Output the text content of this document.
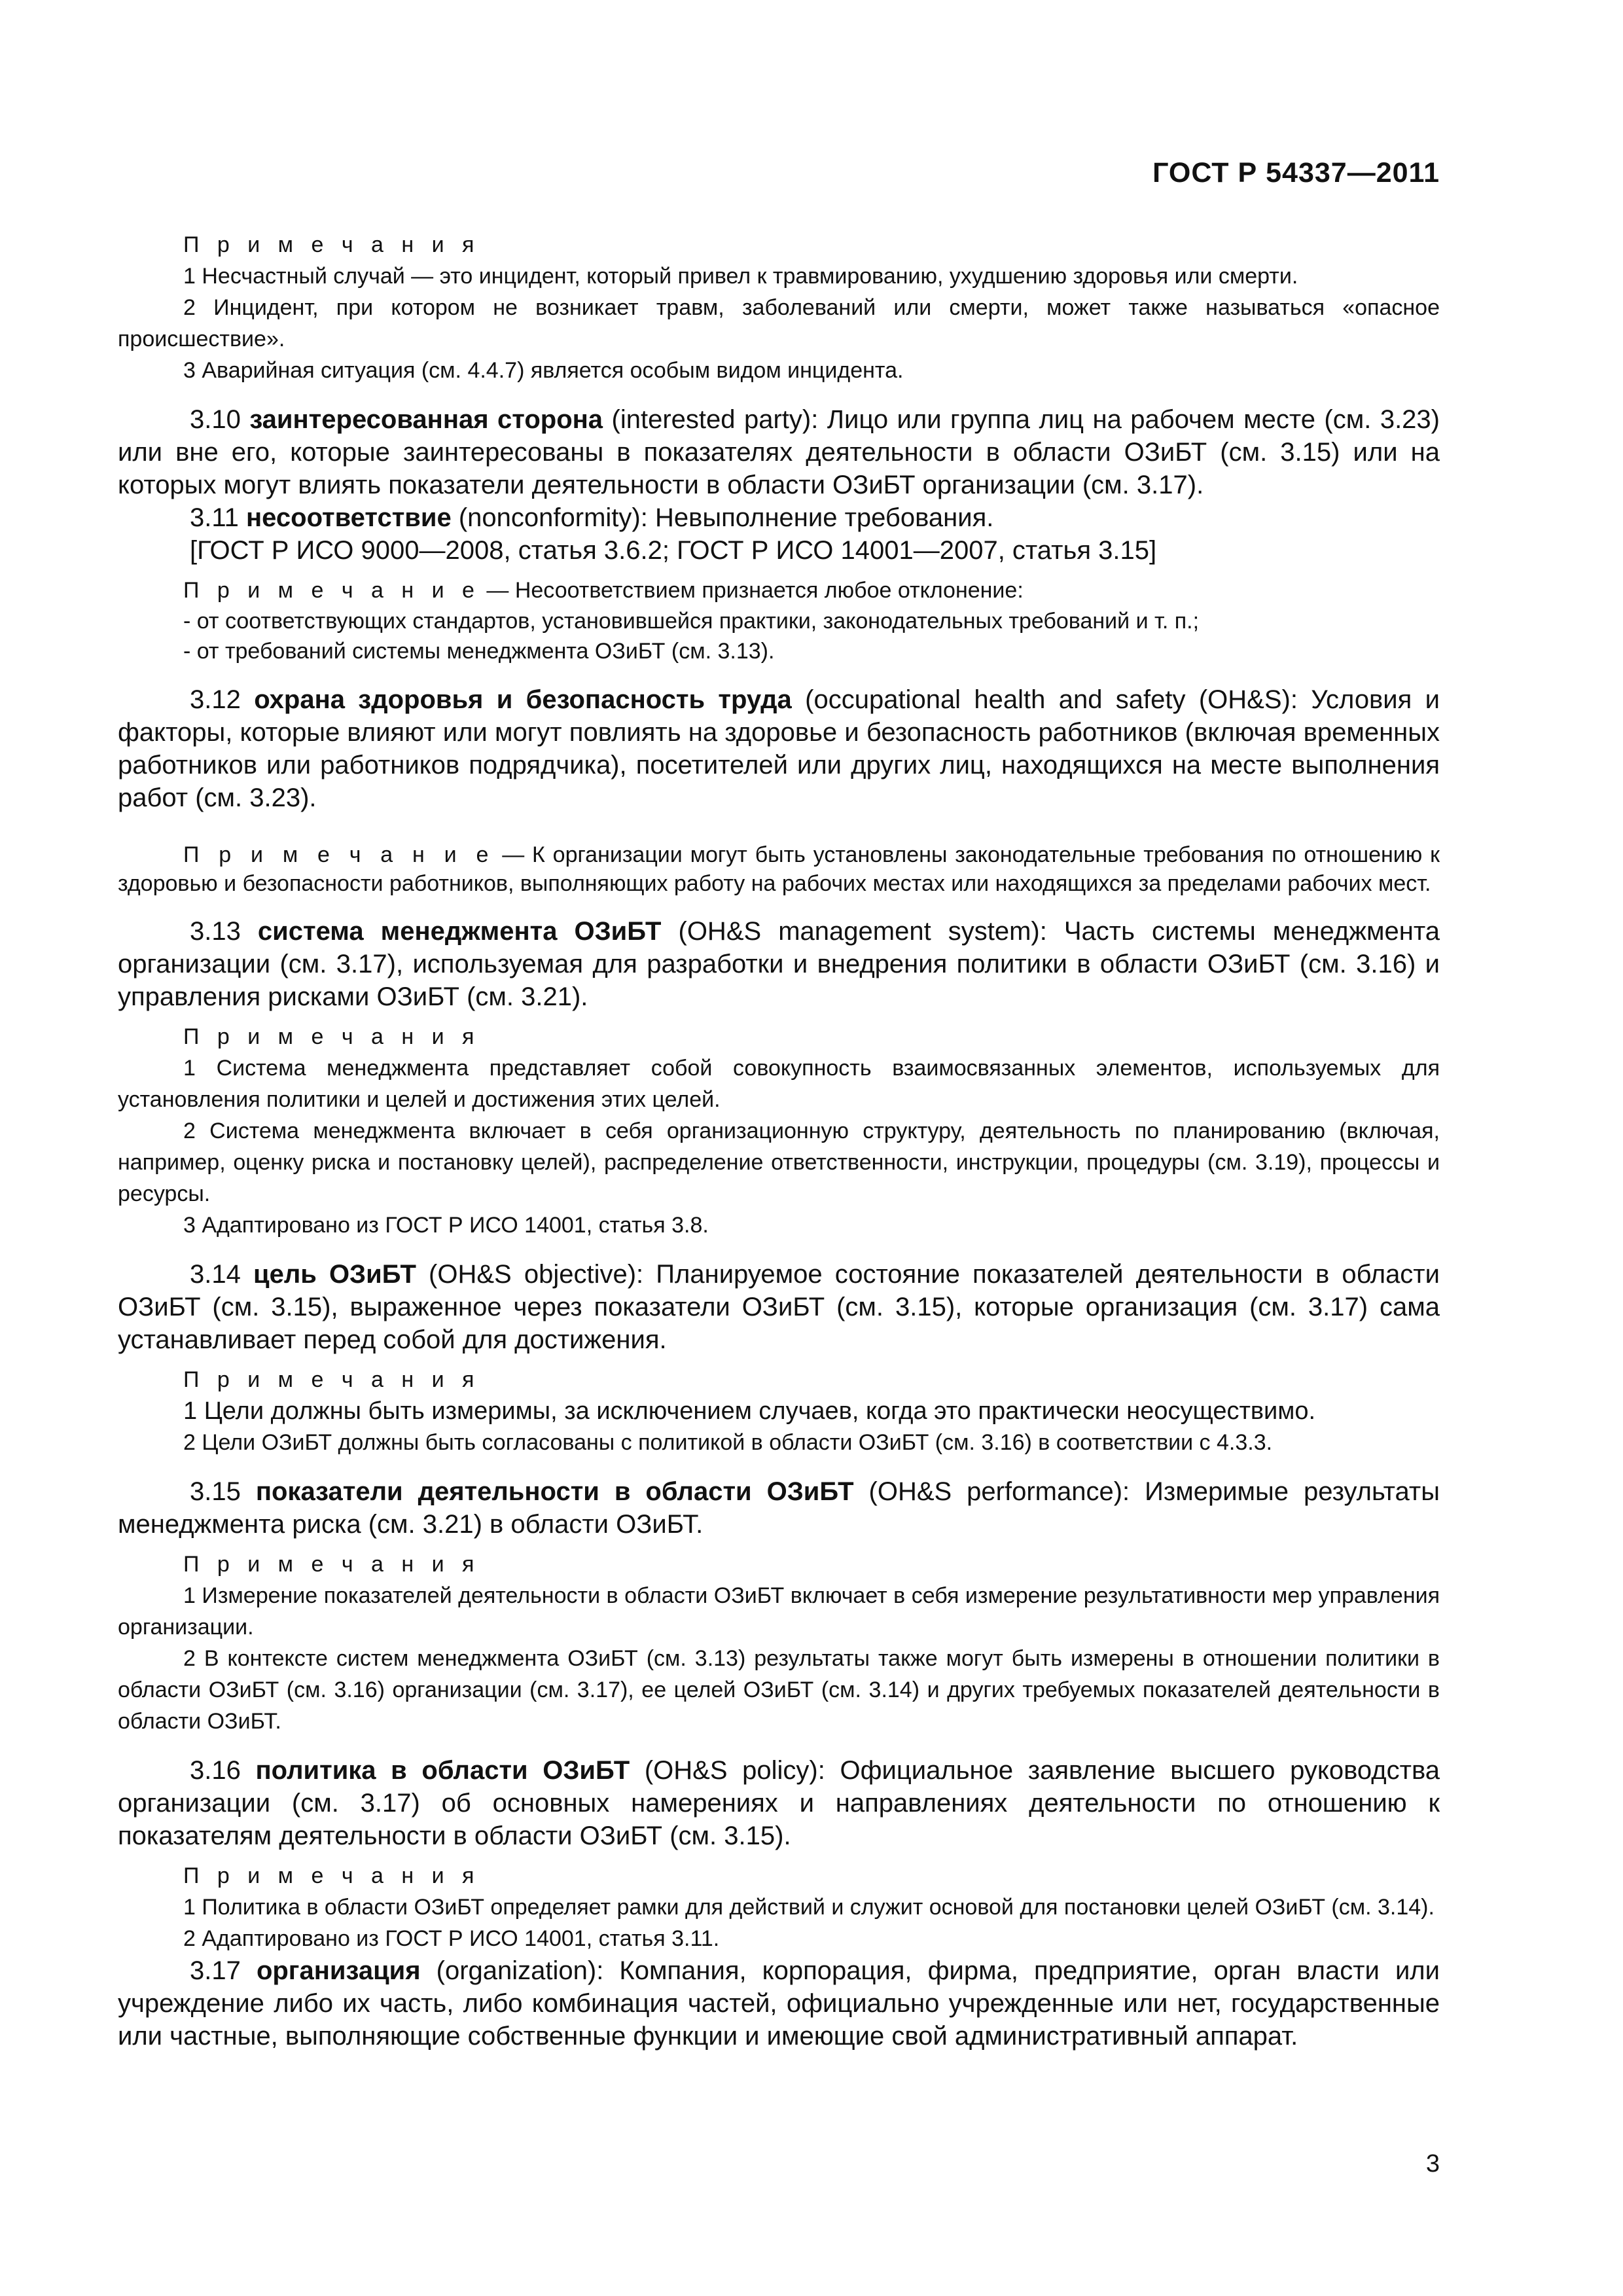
ГОСТ Р 54337—2011

П р и м е ч а н и я

1 Несчастный случай — это инцидент, который привел к травмированию, ухудшению здоровья или смерти.

2 Инцидент, при котором не возникает травм, заболеваний или смерти, может также называться «опасное происшествие».

3 Аварийная ситуация (см. 4.4.7) является особым видом инцидента.

3.10 заинтересованная сторона (interested party): Лицо или группа лиц на рабочем месте (см. 3.23) или вне его, которые заинтересованы в показателях деятельности в области ОЗиБТ (см. 3.15) или на которых могут влиять показатели деятельности в области ОЗиБТ организации (см. 3.17).

3.11 несоответствие (nonconformity): Невыполнение требования.

[ГОСТ Р ИСО 9000—2008, статья 3.6.2; ГОСТ Р ИСО 14001—2007, статья 3.15]

П р и м е ч а н и е — Несоответствием признается любое отклонение:

- от соответствующих стандартов, установившейся практики, законодательных требований и т. п.;

- от требований системы менеджмента ОЗиБТ (см. 3.13).

3.12 охрана здоровья и безопасность труда (occupational health and safety (OH&S): Условия и факторы, которые влияют или могут повлиять на здоровье и безопасность работников (включая временных работников или работников подрядчика), посетителей или других лиц, находящихся на месте выполнения работ (см. 3.23).

П р и м е ч а н и е — К организации могут быть установлены законодательные требования по отношению к здоровью и безопасности работников, выполняющих работу на рабочих местах или находящихся за пределами рабочих мест.

3.13 система менеджмента ОЗиБТ (OH&S management system): Часть системы менеджмента организации (см. 3.17), используемая для разработки и внедрения политики в области ОЗиБТ (см. 3.16) и управления рисками ОЗиБТ (см. 3.21).

П р и м е ч а н и я

1 Система менеджмента представляет собой совокупность взаимосвязанных элементов, используемых для установления политики и целей и достижения этих целей.

2 Система менеджмента включает в себя организационную структуру, деятельность по планированию (включая, например, оценку риска и постановку целей), распределение ответственности, инструкции, процедуры (см. 3.19), процессы и ресурсы.

3 Адаптировано из ГОСТ Р ИСО 14001, статья 3.8.

3.14 цель ОЗиБТ (OH&S objective): Планируемое состояние показателей деятельности в области ОЗиБТ (см. 3.15), выраженное через показатели ОЗиБТ (см. 3.15), которые организация (см. 3.17) сама устанавливает перед собой для достижения.

П р и м е ч а н и я

1 Цели должны быть измеримы, за исключением случаев, когда это практически неосуществимо.

2 Цели ОЗиБТ должны быть согласованы с политикой в области ОЗиБТ (см. 3.16) в соответствии с 4.3.3.

3.15 показатели деятельности в области ОЗиБТ (OH&S performance): Измеримые результаты менеджмента риска (см. 3.21) в области ОЗиБТ.

П р и м е ч а н и я

1 Измерение показателей деятельности в области ОЗиБТ включает в себя измерение результативности мер управления организации.

2 В контексте систем менеджмента ОЗиБТ (см. 3.13) результаты также могут быть измерены в отношении политики в области ОЗиБТ (см. 3.16) организации (см. 3.17), ее целей ОЗиБТ (см. 3.14) и других требуемых показателей деятельности в области ОЗиБТ.

3.16 политика в области ОЗиБТ (OH&S policy): Официальное заявление высшего руководства организации (см. 3.17) об основных намерениях и направлениях деятельности по отношению к показателям деятельности в области ОЗиБТ (см. 3.15).

П р и м е ч а н и я

1 Политика в области ОЗиБТ определяет рамки для действий и служит основой для постановки целей ОЗиБТ (см. 3.14).

2 Адаптировано из ГОСТ Р ИСО 14001, статья 3.11.

3.17 организация (organization): Компания, корпорация, фирма, предприятие, орган власти или учреждение либо их часть, либо комбинация частей, официально учрежденные или нет, государственные или частные, выполняющие собственные функции и имеющие свой административный аппарат.

3
